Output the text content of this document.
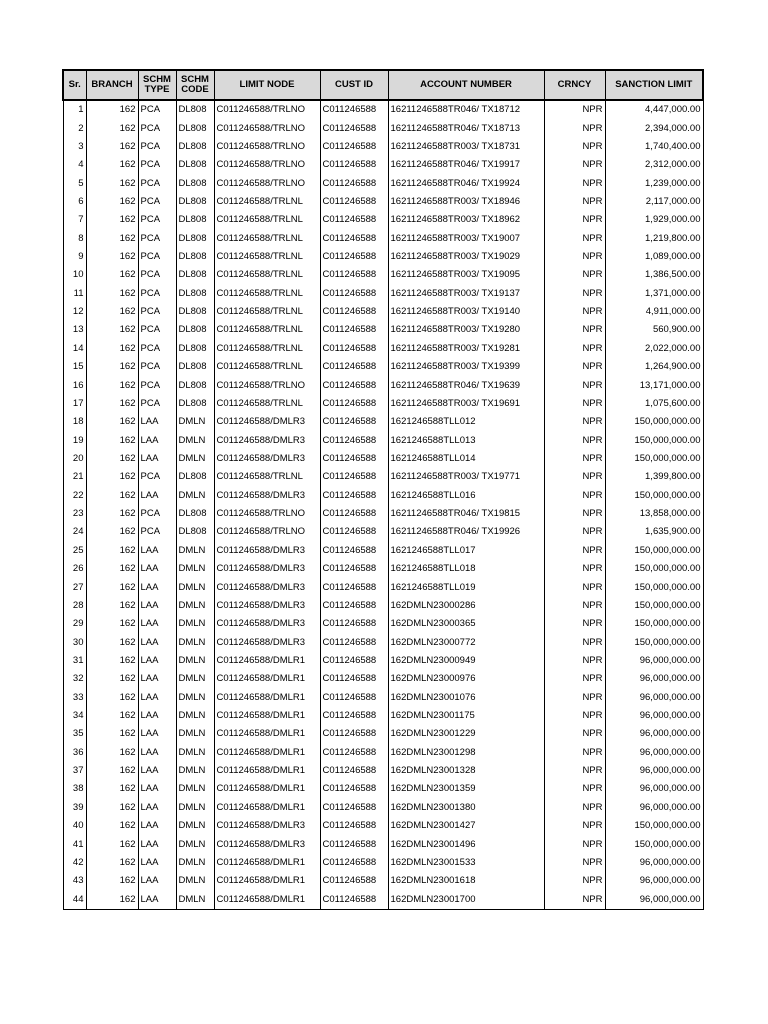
Sr.	BRANCH	SCHM TYPE	SCHM CODE	LIMIT NODE	CUST ID	ACCOUNT NUMBER	CRNCY	SANCTION LIMIT
1	162	PCA	DL808	C011246588/TRLNO	C011246588	16211246588TR046/ TX18712	NPR	4,447,000.00
2	162	PCA	DL808	C011246588/TRLNO	C011246588	16211246588TR046/ TX18713	NPR	2,394,000.00
3	162	PCA	DL808	C011246588/TRLNO	C011246588	16211246588TR003/ TX18731	NPR	1,740,400.00
4	162	PCA	DL808	C011246588/TRLNO	C011246588	16211246588TR046/ TX19917	NPR	2,312,000.00
5	162	PCA	DL808	C011246588/TRLNO	C011246588	16211246588TR046/ TX19924	NPR	1,239,000.00
6	162	PCA	DL808	C011246588/TRLNL	C011246588	16211246588TR003/ TX18946	NPR	2,117,000.00
7	162	PCA	DL808	C011246588/TRLNL	C011246588	16211246588TR003/ TX18962	NPR	1,929,000.00
8	162	PCA	DL808	C011246588/TRLNL	C011246588	16211246588TR003/ TX19007	NPR	1,219,800.00
9	162	PCA	DL808	C011246588/TRLNL	C011246588	16211246588TR003/ TX19029	NPR	1,089,000.00
10	162	PCA	DL808	C011246588/TRLNL	C011246588	16211246588TR003/ TX19095	NPR	1,386,500.00
11	162	PCA	DL808	C011246588/TRLNL	C011246588	16211246588TR003/ TX19137	NPR	1,371,000.00
12	162	PCA	DL808	C011246588/TRLNL	C011246588	16211246588TR003/ TX19140	NPR	4,911,000.00
13	162	PCA	DL808	C011246588/TRLNL	C011246588	16211246588TR003/ TX19280	NPR	560,900.00
14	162	PCA	DL808	C011246588/TRLNL	C011246588	16211246588TR003/ TX19281	NPR	2,022,000.00
15	162	PCA	DL808	C011246588/TRLNL	C011246588	16211246588TR003/ TX19399	NPR	1,264,900.00
16	162	PCA	DL808	C011246588/TRLNO	C011246588	16211246588TR046/ TX19639	NPR	13,171,000.00
17	162	PCA	DL808	C011246588/TRLNL	C011246588	16211246588TR003/ TX19691	NPR	1,075,600.00
18	162	LAA	DMLN	C011246588/DMLR3	C011246588	1621246588TLL012	NPR	150,000,000.00
19	162	LAA	DMLN	C011246588/DMLR3	C011246588	1621246588TLL013	NPR	150,000,000.00
20	162	LAA	DMLN	C011246588/DMLR3	C011246588	1621246588TLL014	NPR	150,000,000.00
21	162	PCA	DL808	C011246588/TRLNL	C011246588	16211246588TR003/ TX19771	NPR	1,399,800.00
22	162	LAA	DMLN	C011246588/DMLR3	C011246588	1621246588TLL016	NPR	150,000,000.00
23	162	PCA	DL808	C011246588/TRLNO	C011246588	16211246588TR046/ TX19815	NPR	13,858,000.00
24	162	PCA	DL808	C011246588/TRLNO	C011246588	16211246588TR046/ TX19926	NPR	1,635,900.00
25	162	LAA	DMLN	C011246588/DMLR3	C011246588	1621246588TLL017	NPR	150,000,000.00
26	162	LAA	DMLN	C011246588/DMLR3	C011246588	1621246588TLL018	NPR	150,000,000.00
27	162	LAA	DMLN	C011246588/DMLR3	C011246588	1621246588TLL019	NPR	150,000,000.00
28	162	LAA	DMLN	C011246588/DMLR3	C011246588	162DMLN23000286	NPR	150,000,000.00
29	162	LAA	DMLN	C011246588/DMLR3	C011246588	162DMLN23000365	NPR	150,000,000.00
30	162	LAA	DMLN	C011246588/DMLR3	C011246588	162DMLN23000772	NPR	150,000,000.00
31	162	LAA	DMLN	C011246588/DMLR1	C011246588	162DMLN23000949	NPR	96,000,000.00
32	162	LAA	DMLN	C011246588/DMLR1	C011246588	162DMLN23000976	NPR	96,000,000.00
33	162	LAA	DMLN	C011246588/DMLR1	C011246588	162DMLN23001076	NPR	96,000,000.00
34	162	LAA	DMLN	C011246588/DMLR1	C011246588	162DMLN23001175	NPR	96,000,000.00
35	162	LAA	DMLN	C011246588/DMLR1	C011246588	162DMLN23001229	NPR	96,000,000.00
36	162	LAA	DMLN	C011246588/DMLR1	C011246588	162DMLN23001298	NPR	96,000,000.00
37	162	LAA	DMLN	C011246588/DMLR1	C011246588	162DMLN23001328	NPR	96,000,000.00
38	162	LAA	DMLN	C011246588/DMLR1	C011246588	162DMLN23001359	NPR	96,000,000.00
39	162	LAA	DMLN	C011246588/DMLR1	C011246588	162DMLN23001380	NPR	96,000,000.00
40	162	LAA	DMLN	C011246588/DMLR3	C011246588	162DMLN23001427	NPR	150,000,000.00
41	162	LAA	DMLN	C011246588/DMLR3	C011246588	162DMLN23001496	NPR	150,000,000.00
42	162	LAA	DMLN	C011246588/DMLR1	C011246588	162DMLN23001533	NPR	96,000,000.00
43	162	LAA	DMLN	C011246588/DMLR1	C011246588	162DMLN23001618	NPR	96,000,000.00
44	162	LAA	DMLN	C011246588/DMLR1	C011246588	162DMLN23001700	NPR	96,000,000.00
